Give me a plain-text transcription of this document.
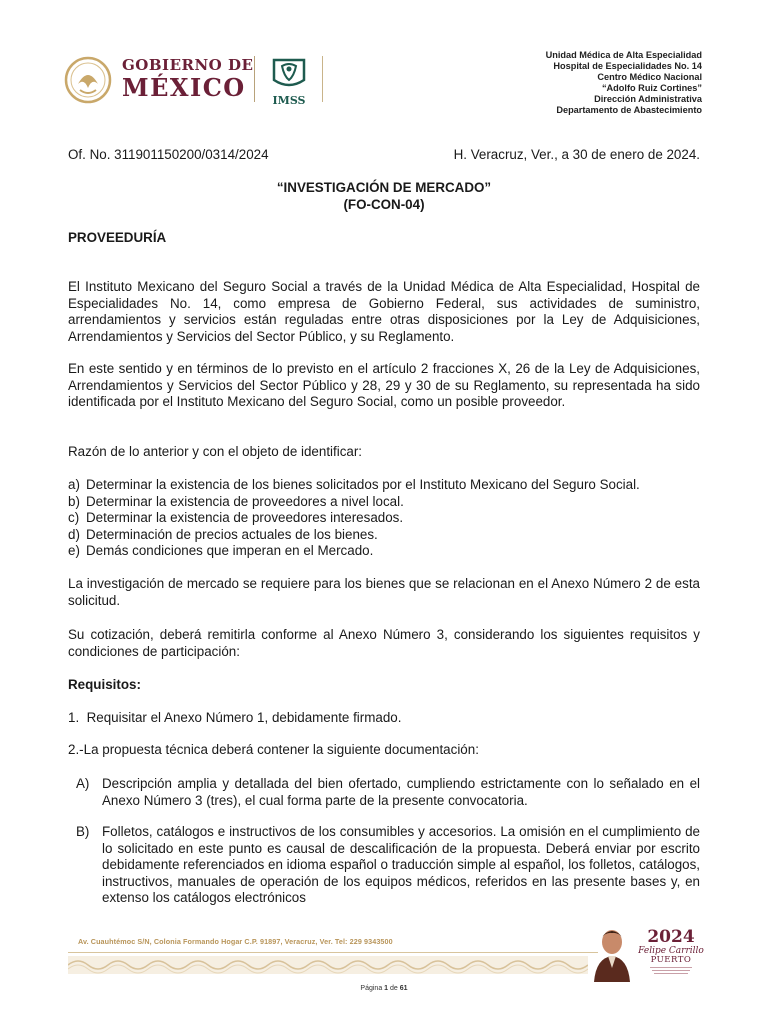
GOBIERNO DE
MÉXICO	IMSS
Unidad Médica de Alta Especialidad
Hospital de Especialidades No. 14
Centro Médico Nacional
“Adolfo Ruiz Cortines”
Dirección Administrativa
Departamento de Abastecimiento
Of. No. 311901150200/0314/2024	H. Veracruz, Ver., a 30 de enero de 2024.
“INVESTIGACIÓN DE MERCADO”
(FO-CON-04)
PROVEEDURÍA
El Instituto Mexicano del Seguro Social a través de la Unidad Médica de Alta Especialidad, Hospital de Especialidades No. 14, como empresa de Gobierno Federal, sus actividades de suministro, arrendamientos y servicios están reguladas entre otras disposiciones por la Ley de Adquisiciones, Arrendamientos y Servicios del Sector Público, y su Reglamento.
En este sentido y en términos de lo previsto en el artículo 2 fracciones X, 26 de la Ley de Adquisiciones, Arrendamientos y Servicios del Sector Público y 28, 29 y 30 de su Reglamento, su representada ha sido identificada por el Instituto Mexicano del Seguro Social, como un posible proveedor.
Razón de lo anterior y con el objeto de identificar:
a) Determinar la existencia de los bienes solicitados por el Instituto Mexicano del Seguro Social.
b) Determinar la existencia de proveedores a nivel local.
c) Determinar la existencia de proveedores interesados.
d) Determinación de precios actuales de los bienes.
e) Demás condiciones que imperan en el Mercado.
La investigación de mercado se requiere para los bienes que se relacionan en el Anexo Número 2 de esta solicitud.
Su cotización, deberá remitirla conforme al Anexo Número 3, considerando los siguientes requisitos y condiciones de participación:
Requisitos:
1.  Requisitar el Anexo Número 1, debidamente firmado.
2.-La propuesta técnica deberá contener la siguiente documentación:
A) Descripción amplia y detallada del bien ofertado, cumpliendo estrictamente con lo señalado en el Anexo Número 3 (tres), el cual forma parte de la presente convocatoria.
B) Folletos, catálogos e instructivos de los consumibles y accesorios. La omisión en el cumplimiento de lo solicitado en este punto es causal de descalificación de la propuesta. Deberá enviar por escrito debidamente referenciados en idioma español o traducción simple al español, los folletos, catálogos, instructivos, manuales de operación de los equipos médicos, referidos en las presente bases y, en extenso los catálogos electrónicos
Av. Cuauhtémoc S/N, Colonia Formando Hogar C.P. 91897, Veracruz, Ver. Tel: 229 9343500	2024
Felipe Carrillo
PUERTO
Página 1 de 61
